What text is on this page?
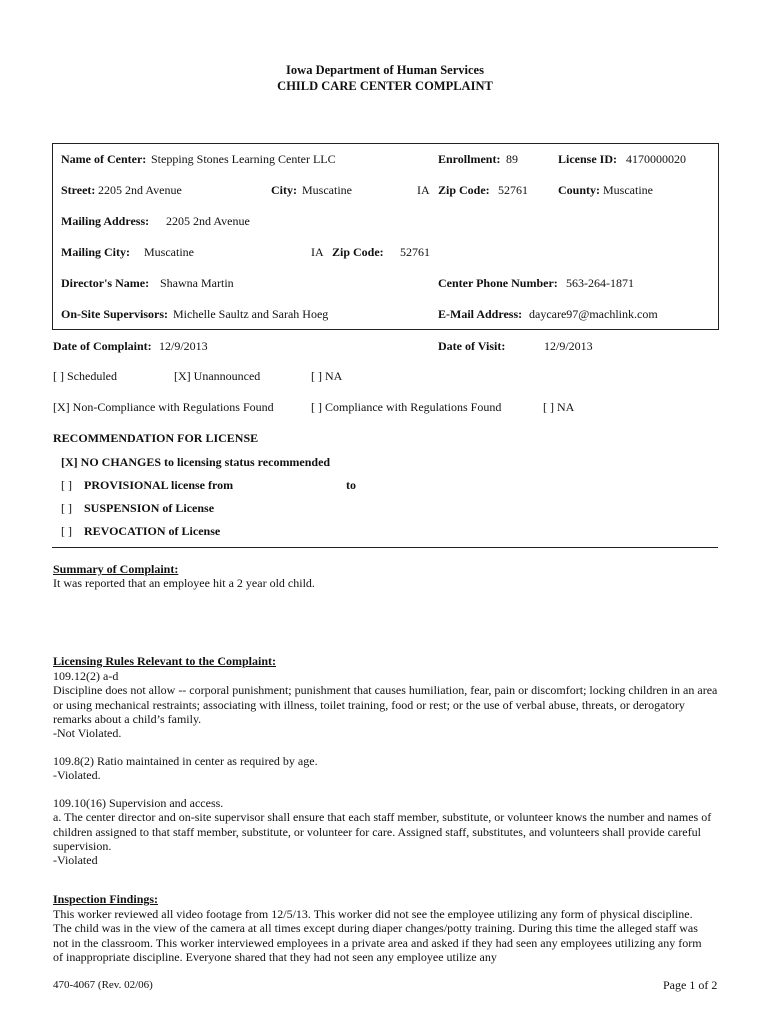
Iowa Department of Human Services
CHILD CARE CENTER COMPLAINT
Name of Center: Stepping Stones Learning Center LLC	Enrollment: 89	License ID: 4170000020
Street: 2205 2nd Avenue	City: Muscatine	IA Zip Code: 52761	County: Muscatine
Mailing Address: 2205 2nd Avenue
Mailing City: Muscatine	IA Zip Code: 52761
Director's Name: Shawna Martin	Center Phone Number: 563-264-1871
On-Site Supervisors: Michelle Saultz and Sarah Hoeg	E-Mail Address: daycare97@machlink.com
Date of Complaint: 12/9/2013	Date of Visit:	12/9/2013
[ ] Scheduled	[X] Unannounced	[ ] NA
[X] Non-Compliance with Regulations Found	[ ] Compliance with Regulations Found	[ ] NA
RECOMMENDATION FOR LICENSE
[X] NO CHANGES to licensing status recommended
[ ] PROVISIONAL license from	to
[ ] SUSPENSION of License
[ ] REVOCATION of License
Summary of Complaint:
It was reported that an employee hit a 2 year old child.
Licensing Rules Relevant to the Complaint:
109.12(2) a-d
Discipline does not allow -- corporal punishment; punishment that causes humiliation, fear, pain or discomfort; locking children in an area
or using mechanical restraints; associating with illness, toilet training, food or rest; or the use of verbal abuse, threats, or derogatory
remarks about a child’s family.
-Not Violated.
109.8(2) Ratio maintained in center as required by age.
-Violated.
109.10(16) Supervision and access.
a. The center director and on-site supervisor shall ensure that each staff member, substitute, or volunteer knows the number and names of
children assigned to that staff member, substitute, or volunteer for care. Assigned staff, substitutes, and volunteers shall provide careful
supervision.
-Violated
Inspection Findings:
This worker reviewed all video footage from 12/5/13. This worker did not see the employee utilizing any form of physical discipline.
The child was in the view of the camera at all times except during diaper changes/potty training. During this time the alleged staff was
not in the classroom. This worker interviewed employees in a private area and asked if they had seen any employees utilizing any form
of inappropriate discipline. Everyone shared that they had not seen any employee utilize any
470-4067 (Rev. 02/06)	Page 1 of 2
